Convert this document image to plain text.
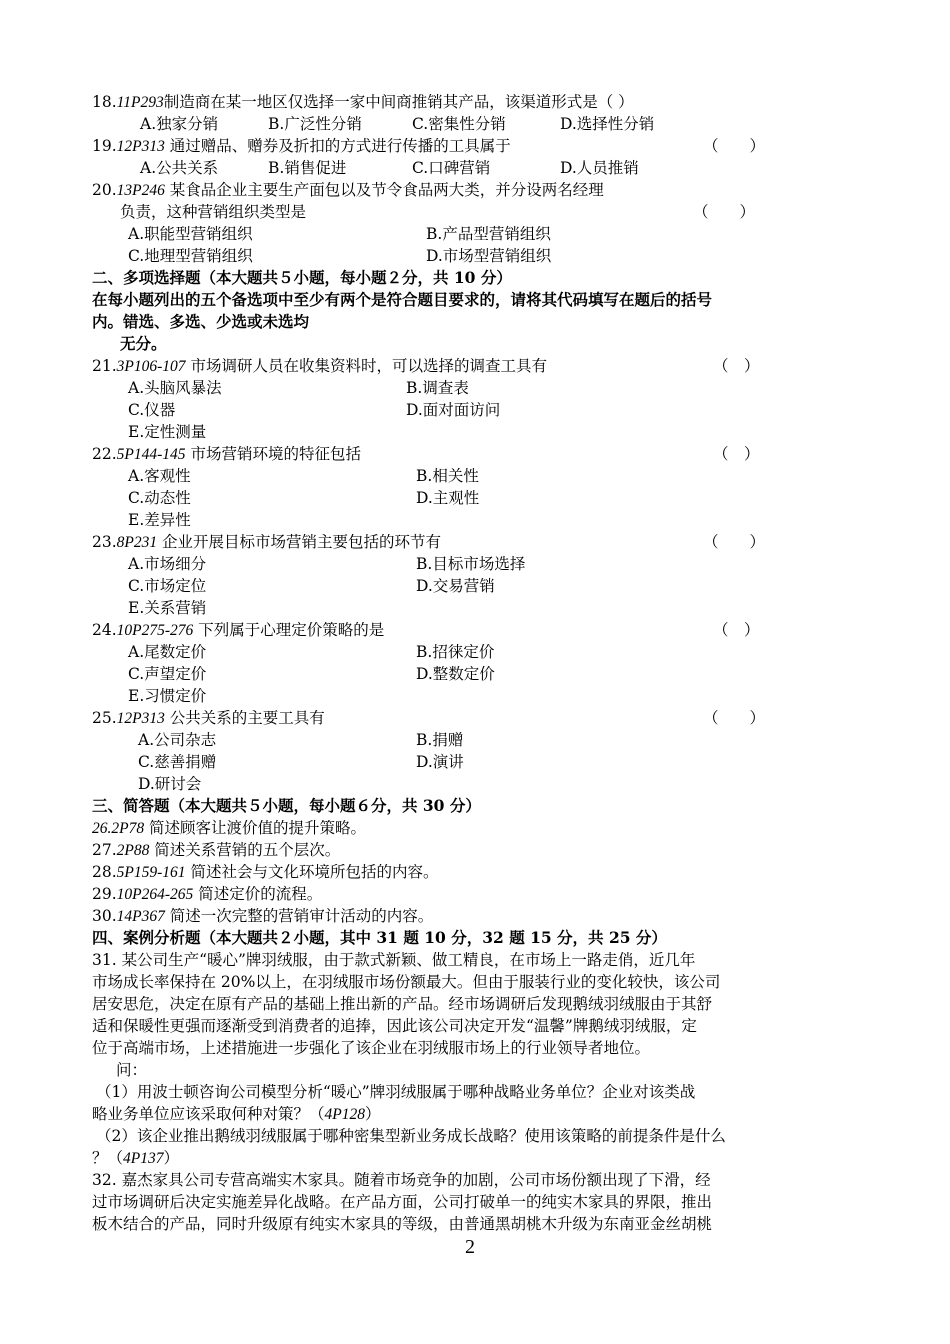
18.11P293制造商在某一地区仅选择一家中间商推销其产品，该渠道形式是（ ）
A.独家分销	B.广泛性分销	C.密集性分销	D.选择性分销
19.12P313 通过赠品、赠券及折扣的方式进行传播的工具属于	（　　）
A.公共关系	B.销售促进	C.口碑营销	D.人员推销
20.13P246 某食品企业主要生产面包以及节令食品两大类，并分设两名经理
负责，这种营销组织类型是	（　　）
A.职能型营销组织	B.产品型营销组织
C.地理型营销组织	D.市场型营销组织
二、多项选择题（本大题共５小题，每小题２分，共 10 分）
在每小题列出的五个备选项中至少有两个是符合题目要求的，请将其代码填写在题后的括号
内。错选、多选、少选或未选均
无分。
21.3P106-107 市场调研人员在收集资料时，可以选择的调查工具有	（　）
A.头脑风暴法	B.调查表
C.仪器	D.面对面访问
E.定性测量
22.5P144-145 市场营销环境的特征包括	（　）
A.客观性	B.相关性
C.动态性	D.主观性
E.差异性
23.8P231 企业开展目标市场营销主要包括的环节有	（　　）
A.市场细分	B.目标市场选择
C.市场定位	D.交易营销
E.关系营销
24.10P275-276 下列属于心理定价策略的是	（　）
A.尾数定价	B.招徕定价
C.声望定价	D.整数定价
E.习惯定价
25.12P313 公共关系的主要工具有	（　　）
A.公司杂志	B.捐赠
C.慈善捐赠	D.演讲
D.研讨会
三、简答题（本大题共５小题，每小题６分，共 30 分）
26.2P78 简述顾客让渡价值的提升策略。
27.2P88 简述关系营销的五个层次。
28.5P159-161 简述社会与文化环境所包括的内容。
29.10P264-265 简述定价的流程。
30.14P367 简述一次完整的营销审计活动的内容。
四、案例分析题（本大题共２小题，其中 31 题 10 分，32 题 15 分，共 25 分）
31. 某公司生产“暖心”牌羽绒服，由于款式新颖、做工精良，在市场上一路走俏，近几年
市场成长率保持在 20%以上，在羽绒服市场份额最大。但由于服装行业的变化较快，该公司
居安思危，决定在原有产品的基础上推出新的产品。经市场调研后发现鹅绒羽绒服由于其舒
适和保暖性更强而逐渐受到消费者的追捧，因此该公司决定开发“温馨”牌鹅绒羽绒服，定
位于高端市场，上述措施进一步强化了该企业在羽绒服市场上的行业领导者地位。
问：
（1）用波士顿咨询公司模型分析“暖心”牌羽绒服属于哪种战略业务单位？企业对该类战
略业务单位应该采取何种对策？（4P128）
（2）该企业推出鹅绒羽绒服属于哪种密集型新业务成长战略？使用该策略的前提条件是什么
？（4P137）
32. 嘉杰家具公司专营高端实木家具。随着市场竞争的加剧，公司市场份额出现了下滑，经
过市场调研后决定实施差异化战略。在产品方面，公司打破单一的纯实木家具的界限，推出
板木结合的产品，同时升级原有纯实木家具的等级，由普通黑胡桃木升级为东南亚金丝胡桃
2
